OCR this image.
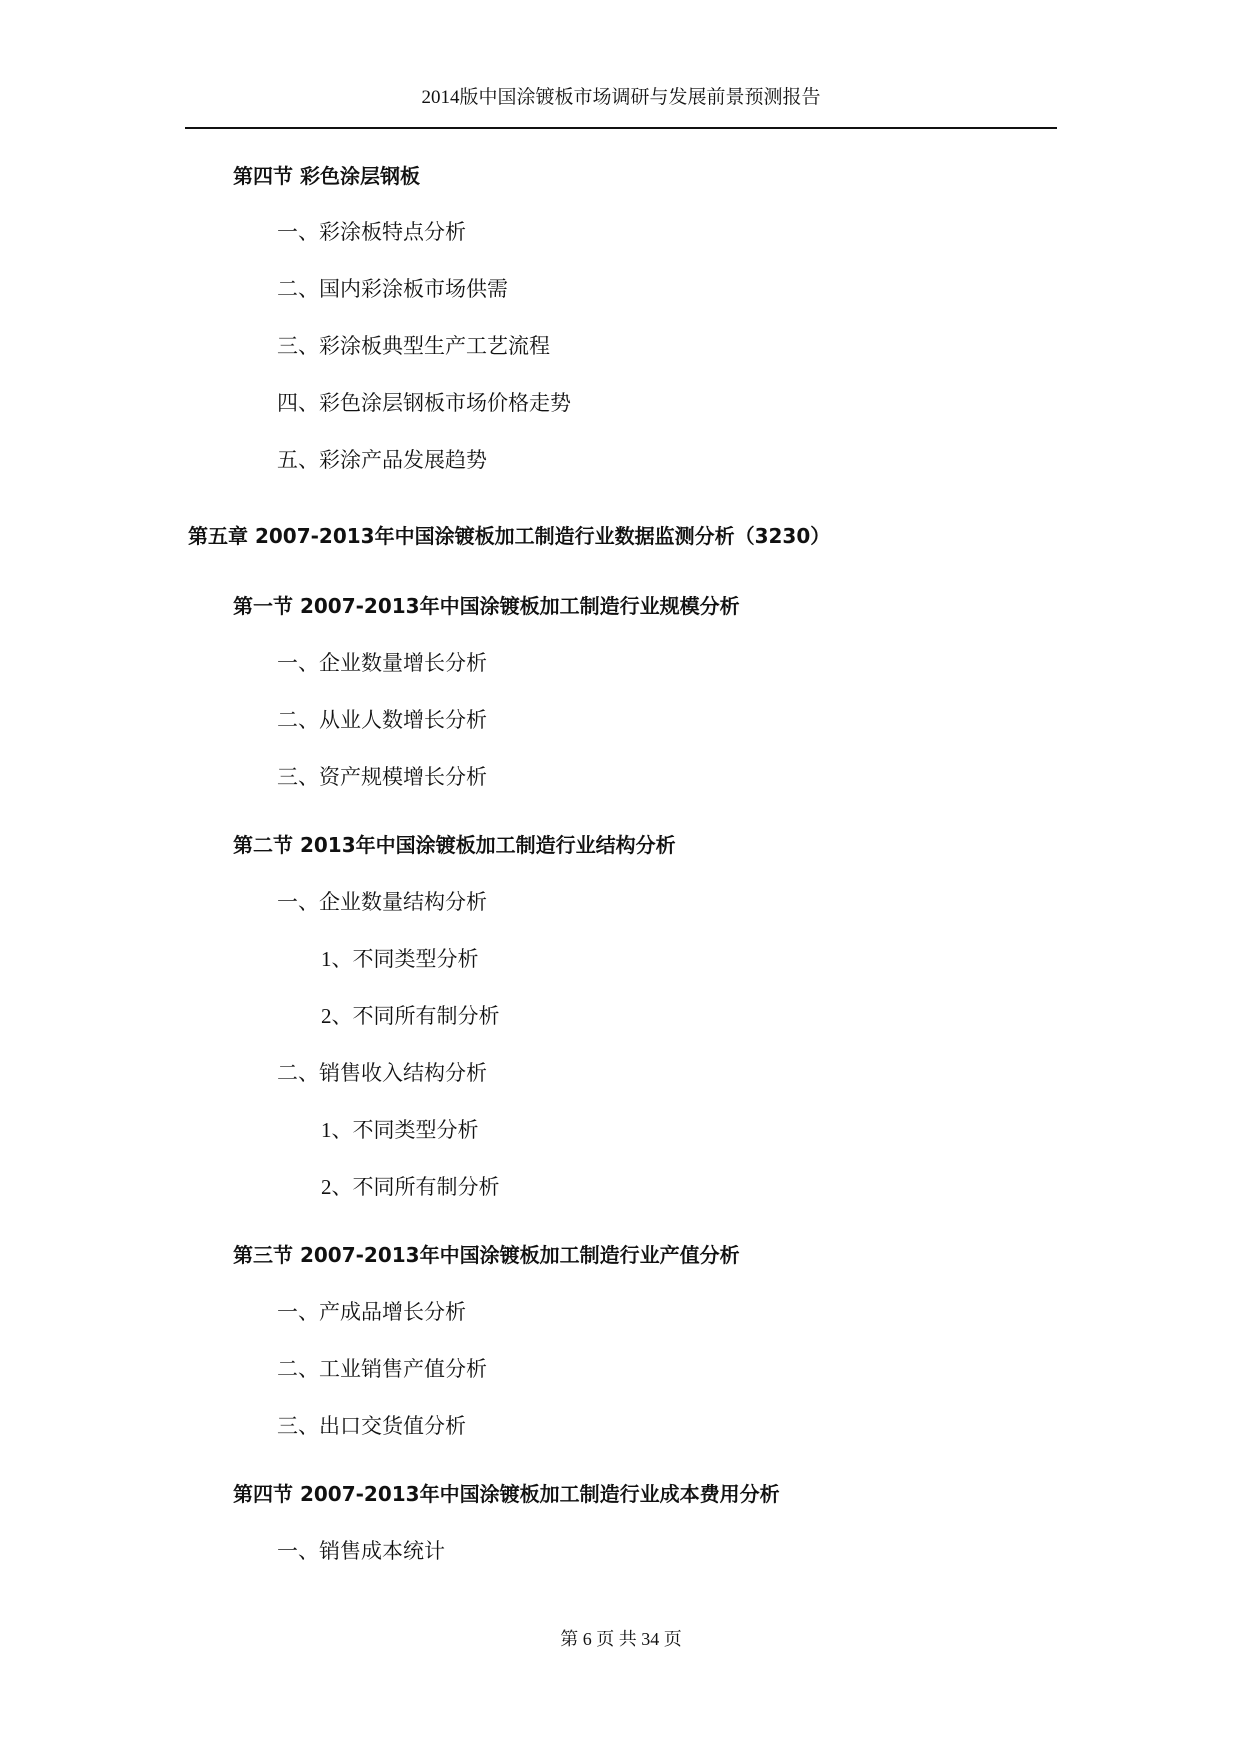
2014版中国涂镀板市场调研与发展前景预测报告
第四节 彩色涂层钢板
一、彩涂板特点分析
二、国内彩涂板市场供需
三、彩涂板典型生产工艺流程
四、彩色涂层钢板市场价格走势
五、彩涂产品发展趋势
第五章 2007-2013年中国涂镀板加工制造行业数据监测分析（3230）
第一节 2007-2013年中国涂镀板加工制造行业规模分析
一、企业数量增长分析
二、从业人数增长分析
三、资产规模增长分析
第二节 2013年中国涂镀板加工制造行业结构分析
一、企业数量结构分析
1、不同类型分析
2、不同所有制分析
二、销售收入结构分析
1、不同类型分析
2、不同所有制分析
第三节 2007-2013年中国涂镀板加工制造行业产值分析
一、产成品增长分析
二、工业销售产值分析
三、出口交货值分析
第四节 2007-2013年中国涂镀板加工制造行业成本费用分析
一、销售成本统计
第 6 页 共 34 页
